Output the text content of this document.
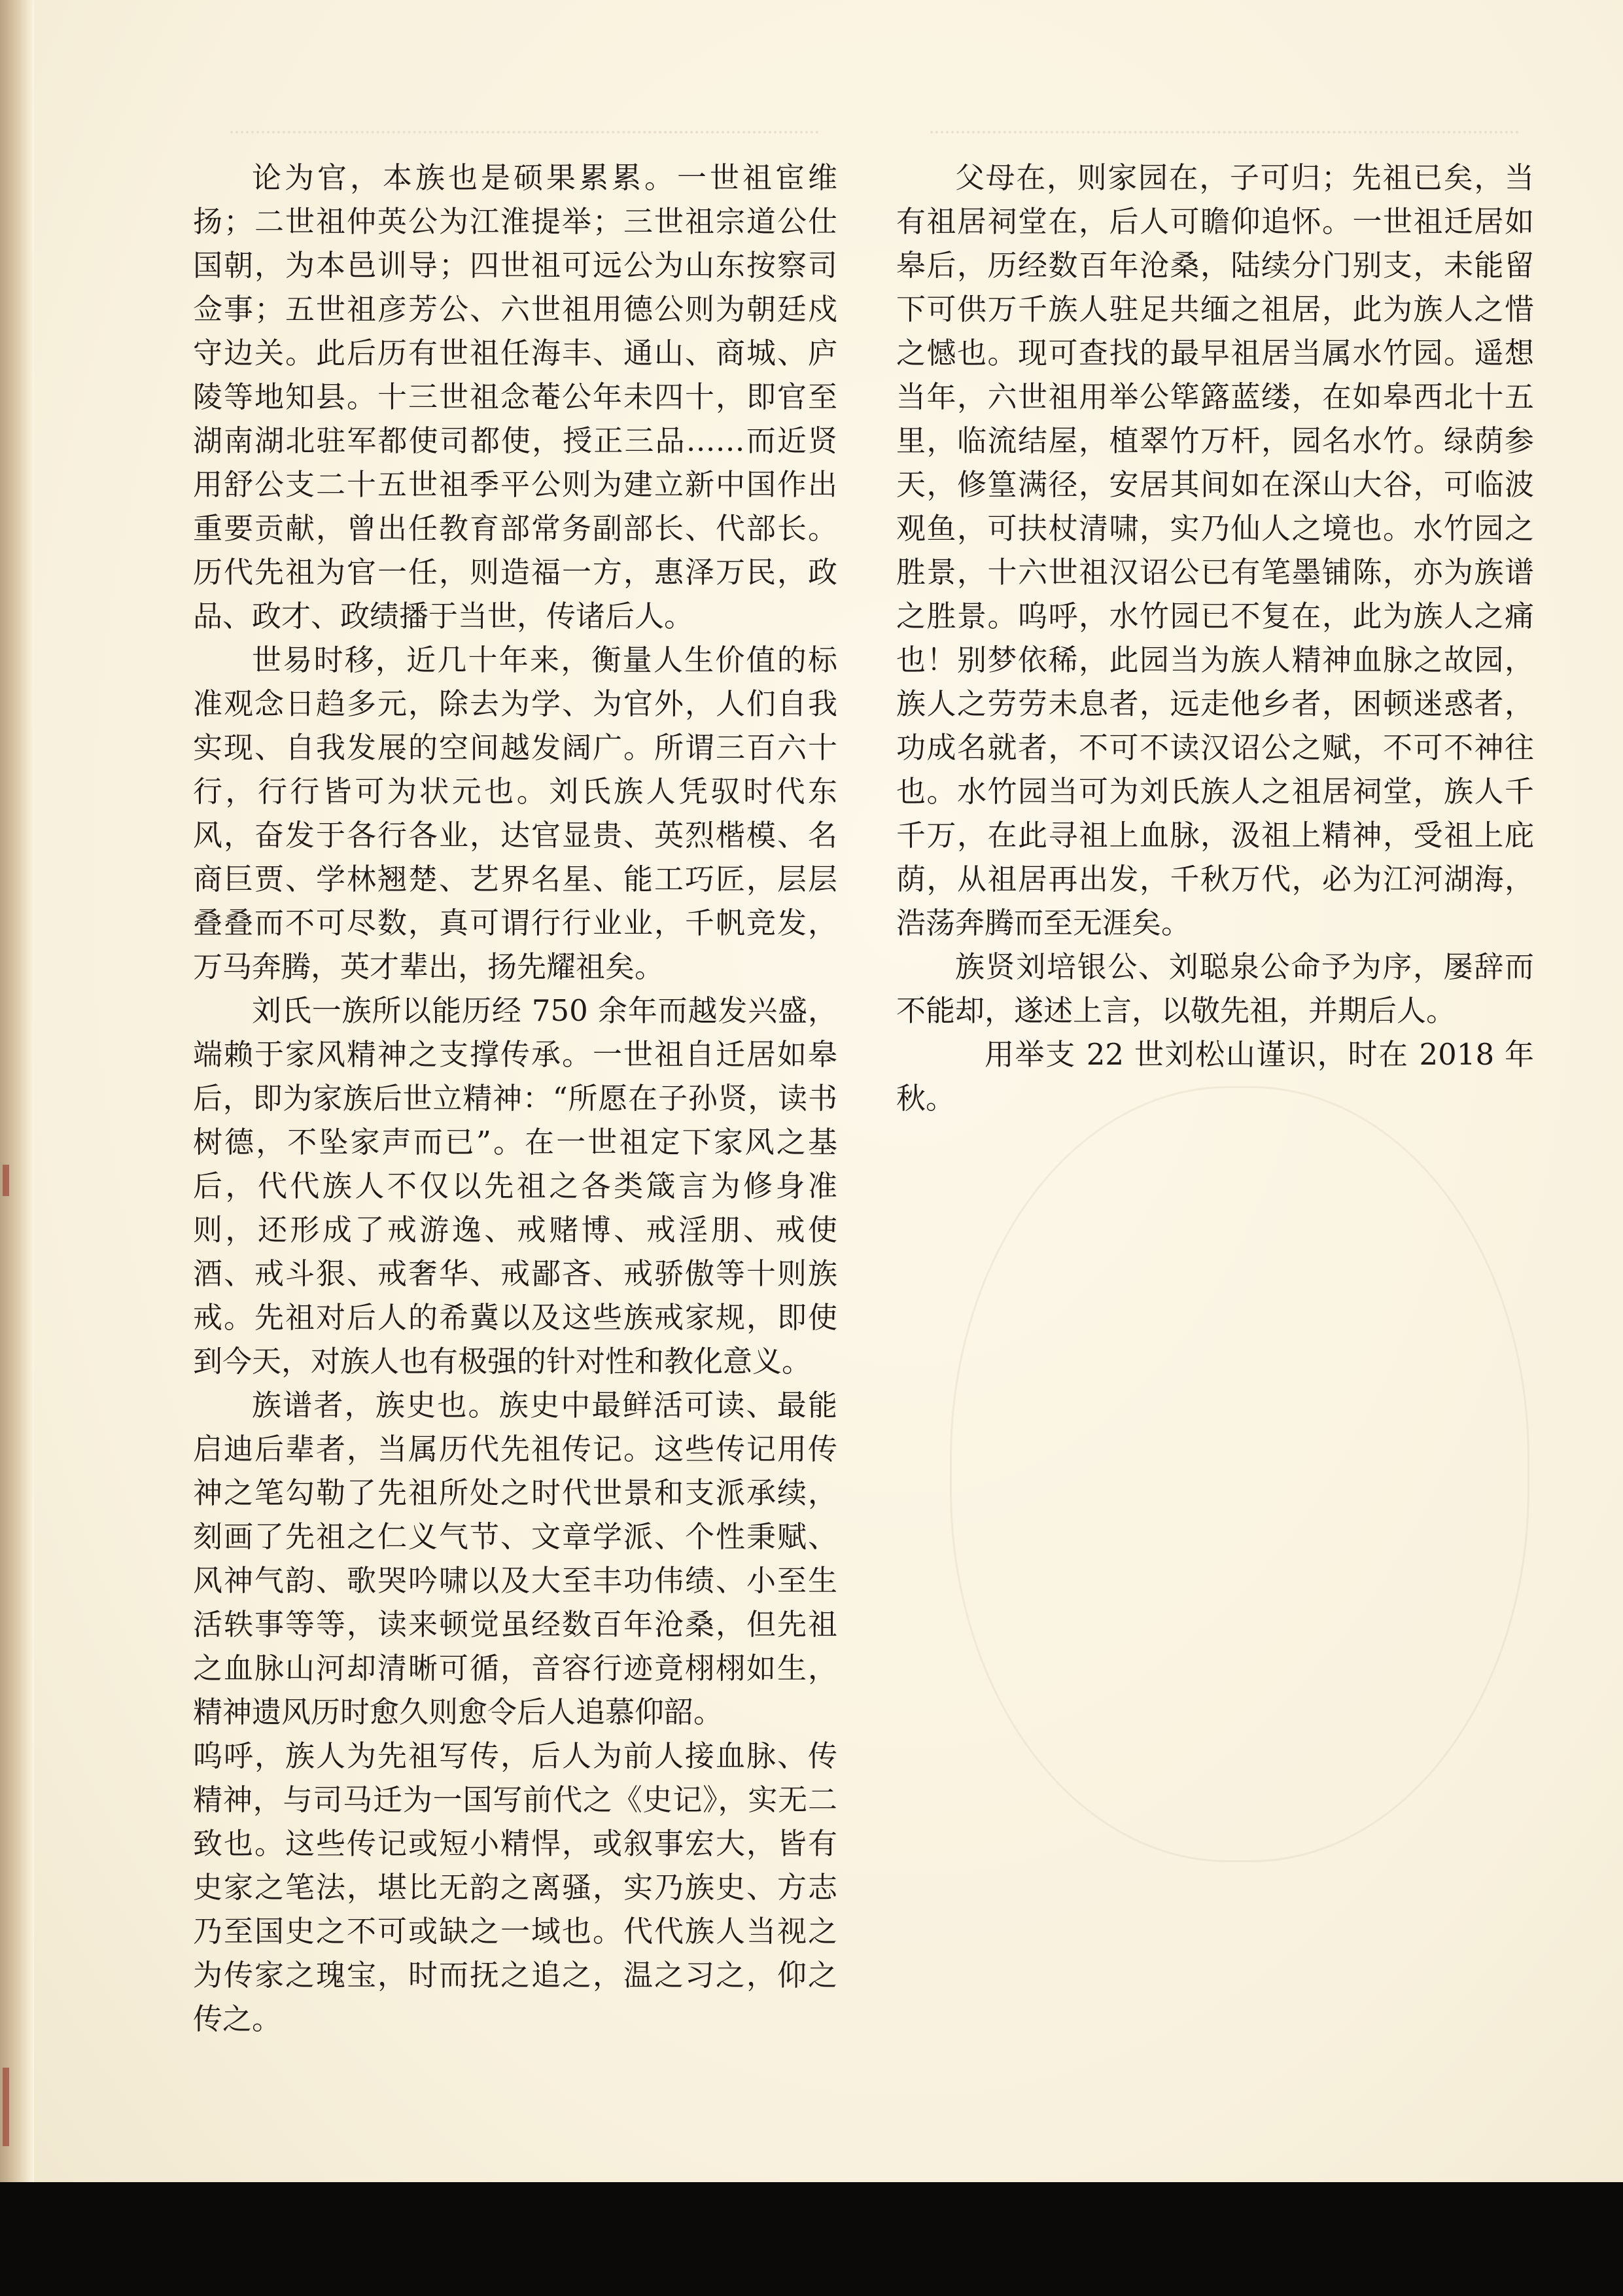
论为官，本族也是硕果累累。一世祖宦维扬；二世祖仲英公为江淮提举；三世祖宗道公仕国朝，为本邑训导；四世祖可远公为山东按察司佥事；五世祖彦芳公、六世祖用德公则为朝廷戍守边关。此后历有世祖任海丰、通山、商城、庐陵等地知县。十三世祖念菴公年未四十，即官至湖南湖北驻军都使司都使，授正三品……而近贤用舒公支二十五世祖季平公则为建立新中国作出重要贡献，曾出任教育部常务副部长、代部长。历代先祖为官一任，则造福一方，惠泽万民，政品、政才、政绩播于当世，传诸后人。

世易时移，近几十年来，衡量人生价值的标准观念日趋多元，除去为学、为官外，人们自我实现、自我发展的空间越发阔广。所谓三百六十行，行行皆可为状元也。刘氏族人凭驭时代东风，奋发于各行各业，达官显贵、英烈楷模、名商巨贾、学林翘楚、艺界名星、能工巧匠，层层叠叠而不可尽数，真可谓行行业业，千帆竞发，万马奔腾，英才辈出，扬先耀祖矣。

刘氏一族所以能历经 750 余年而越发兴盛，端赖于家风精神之支撑传承。一世祖自迁居如皋后，即为家族后世立精神：“所愿在子孙贤，读书树德，不坠家声而已”。在一世祖定下家风之基后，代代族人不仅以先祖之各类箴言为修身准则，还形成了戒游逸、戒赌博、戒淫朋、戒使酒、戒斗狠、戒奢华、戒鄙吝、戒骄傲等十则族戒。先祖对后人的希冀以及这些族戒家规，即使到今天，对族人也有极强的针对性和教化意义。

族谱者，族史也。族史中最鲜活可读、最能启迪后辈者，当属历代先祖传记。这些传记用传神之笔勾勒了先祖所处之时代世景和支派承续，刻画了先祖之仁义气节、文章学派、个性秉赋、风神气韵、歌哭吟啸以及大至丰功伟绩、小至生活轶事等等，读来顿觉虽经数百年沧桑，但先祖之血脉山河却清晰可循，音容行迹竟栩栩如生，精神遗风历时愈久则愈令后人追慕仰韶。

呜呼，族人为先祖写传，后人为前人接血脉、传精神，与司马迁为一国写前代之《史记》，实无二致也。这些传记或短小精悍，或叙事宏大，皆有史家之笔法，堪比无韵之离骚，实乃族史、方志乃至国史之不可或缺之一域也。代代族人当视之为传家之瑰宝，时而抚之追之，温之习之，仰之传之。

父母在，则家园在，子可归；先祖已矣，当有祖居祠堂在，后人可瞻仰追怀。一世祖迁居如皋后，历经数百年沧桑，陆续分门别支，未能留下可供万千族人驻足共缅之祖居，此为族人之惜之憾也。现可查找的最早祖居当属水竹园。遥想当年，六世祖用举公筚簬蓝缕，在如皋西北十五里，临流结屋，植翠竹万杆，园名水竹。绿荫参天，修篁满径，安居其间如在深山大谷，可临波观鱼，可扶杖清啸，实乃仙人之境也。水竹园之胜景，十六世祖汉诏公已有笔墨铺陈，亦为族谱之胜景。呜呼，水竹园已不复在，此为族人之痛也！别梦依稀，此园当为族人精神血脉之故园，族人之劳劳未息者，远走他乡者，困顿迷惑者，功成名就者，不可不读汉诏公之赋，不可不神往也。水竹园当可为刘氏族人之祖居祠堂，族人千千万，在此寻祖上血脉，汲祖上精神，受祖上庇荫，从祖居再出发，千秋万代，必为江河湖海，浩荡奔腾而至无涯矣。

族贤刘培银公、刘聪泉公命予为序，屡辞而不能却，遂述上言，以敬先祖，并期后人。

用举支 22 世刘松山谨识，时在 2018 年秋。
